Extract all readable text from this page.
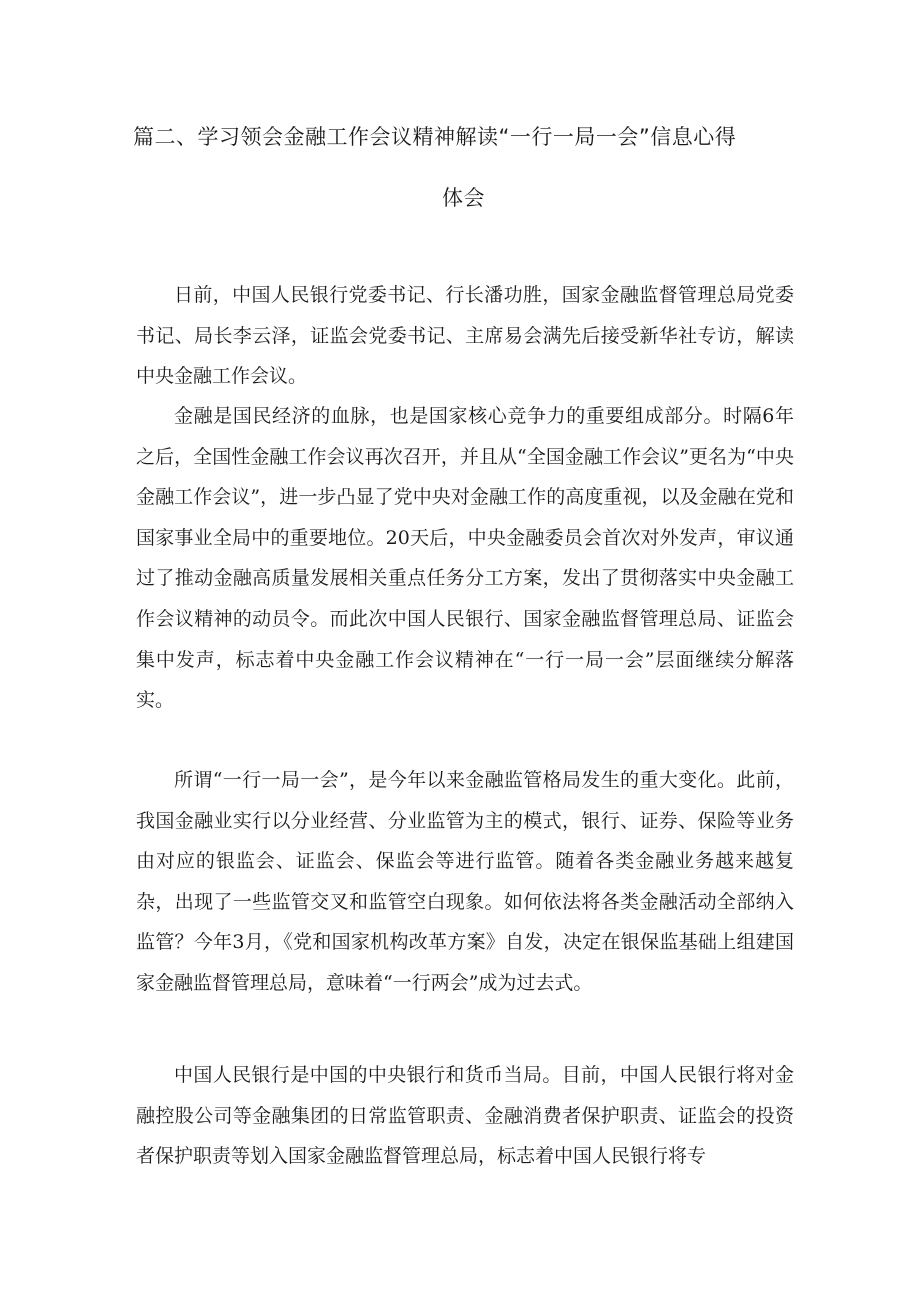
篇二、学习领会金融工作会议精神解读“一行一局一会”信息心得
体会

日前，中国人民银行党委书记、行长潘功胜，国家金融监督管理总局党委书记、局长李云泽，证监会党委书记、主席易会满先后接受新华社专访，解读中央金融工作会议。

金融是国民经济的血脉，也是国家核心竞争力的重要组成部分。时隔6年之后，全国性金融工作会议再次召开，并且从“全国金融工作会议”更名为“中央金融工作会议”，进一步凸显了党中央对金融工作的高度重视，以及金融在党和国家事业全局中的重要地位。20天后，中央金融委员会首次对外发声，审议通过了推动金融高质量发展相关重点任务分工方案，发出了贯彻落实中央金融工作会议精神的动员令。而此次中国人民银行、国家金融监督管理总局、证监会集中发声，标志着中央金融工作会议精神在“一行一局一会”层面继续分解落实。

所谓“一行一局一会”，是今年以来金融监管格局发生的重大变化。此前，我国金融业实行以分业经营、分业监管为主的模式，银行、证券、保险等业务由对应的银监会、证监会、保监会等进行监管。随着各类金融业务越来越复杂，出现了一些监管交叉和监管空白现象。如何依法将各类金融活动全部纳入监管？今年3月，《党和国家机构改革方案》自发，决定在银保监基础上组建国家金融监督管理总局，意味着“一行两会”成为过去式。

中国人民银行是中国的中央银行和货币当局。目前，中国人民银行将对金融控股公司等金融集团的日常监管职责、金融消费者保护职责、证监会的投资者保护职责等划入国家金融监督管理总局，标志着中国人民银行将专
